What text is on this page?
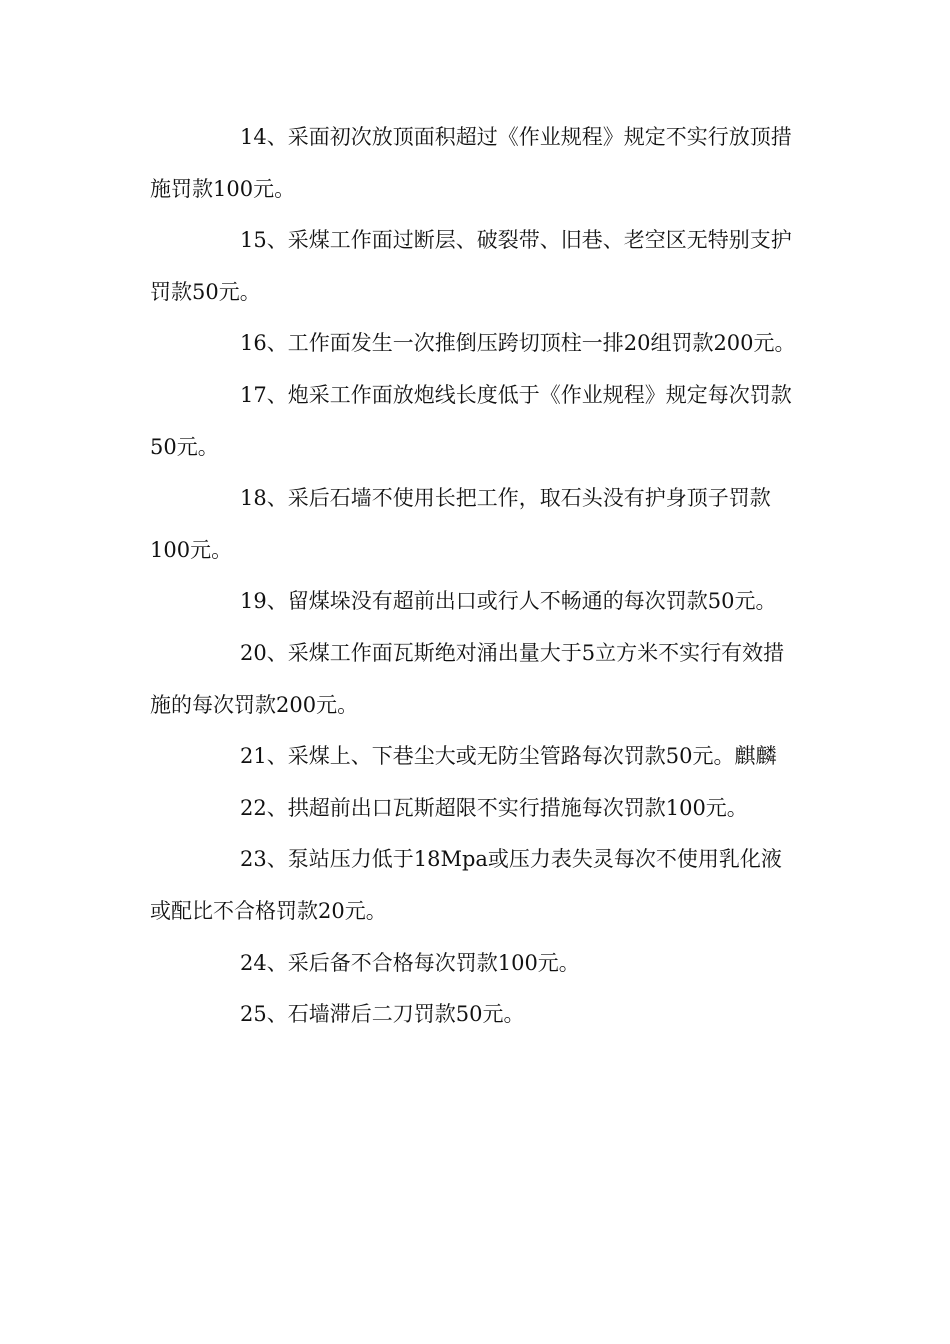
14、采面初次放顶面积超过《作业规程》规定不实行放顶措施罚款100元。

15、采煤工作面过断层、破裂带、旧巷、老空区无特别支护罚款50元。

16、工作面发生一次推倒压跨切顶柱一排20组罚款200元。

17、炮采工作面放炮线长度低于《作业规程》规定每次罚款50元。

18、采后石墙不使用长把工作，取石头没有护身顶子罚款100元。

19、留煤垛没有超前出口或行人不畅通的每次罚款50元。

20、采煤工作面瓦斯绝对涌出量大于5立方米不实行有效措施的每次罚款200元。

21、采煤上、下巷尘大或无防尘管路每次罚款50元。麒麟

22、拱超前出口瓦斯超限不实行措施每次罚款100元。

23、泵站压力低于18Mpa或压力表失灵每次不使用乳化液或配比不合格罚款20元。

24、采后备不合格每次罚款100元。

25、石墙滞后二刀罚款50元。
